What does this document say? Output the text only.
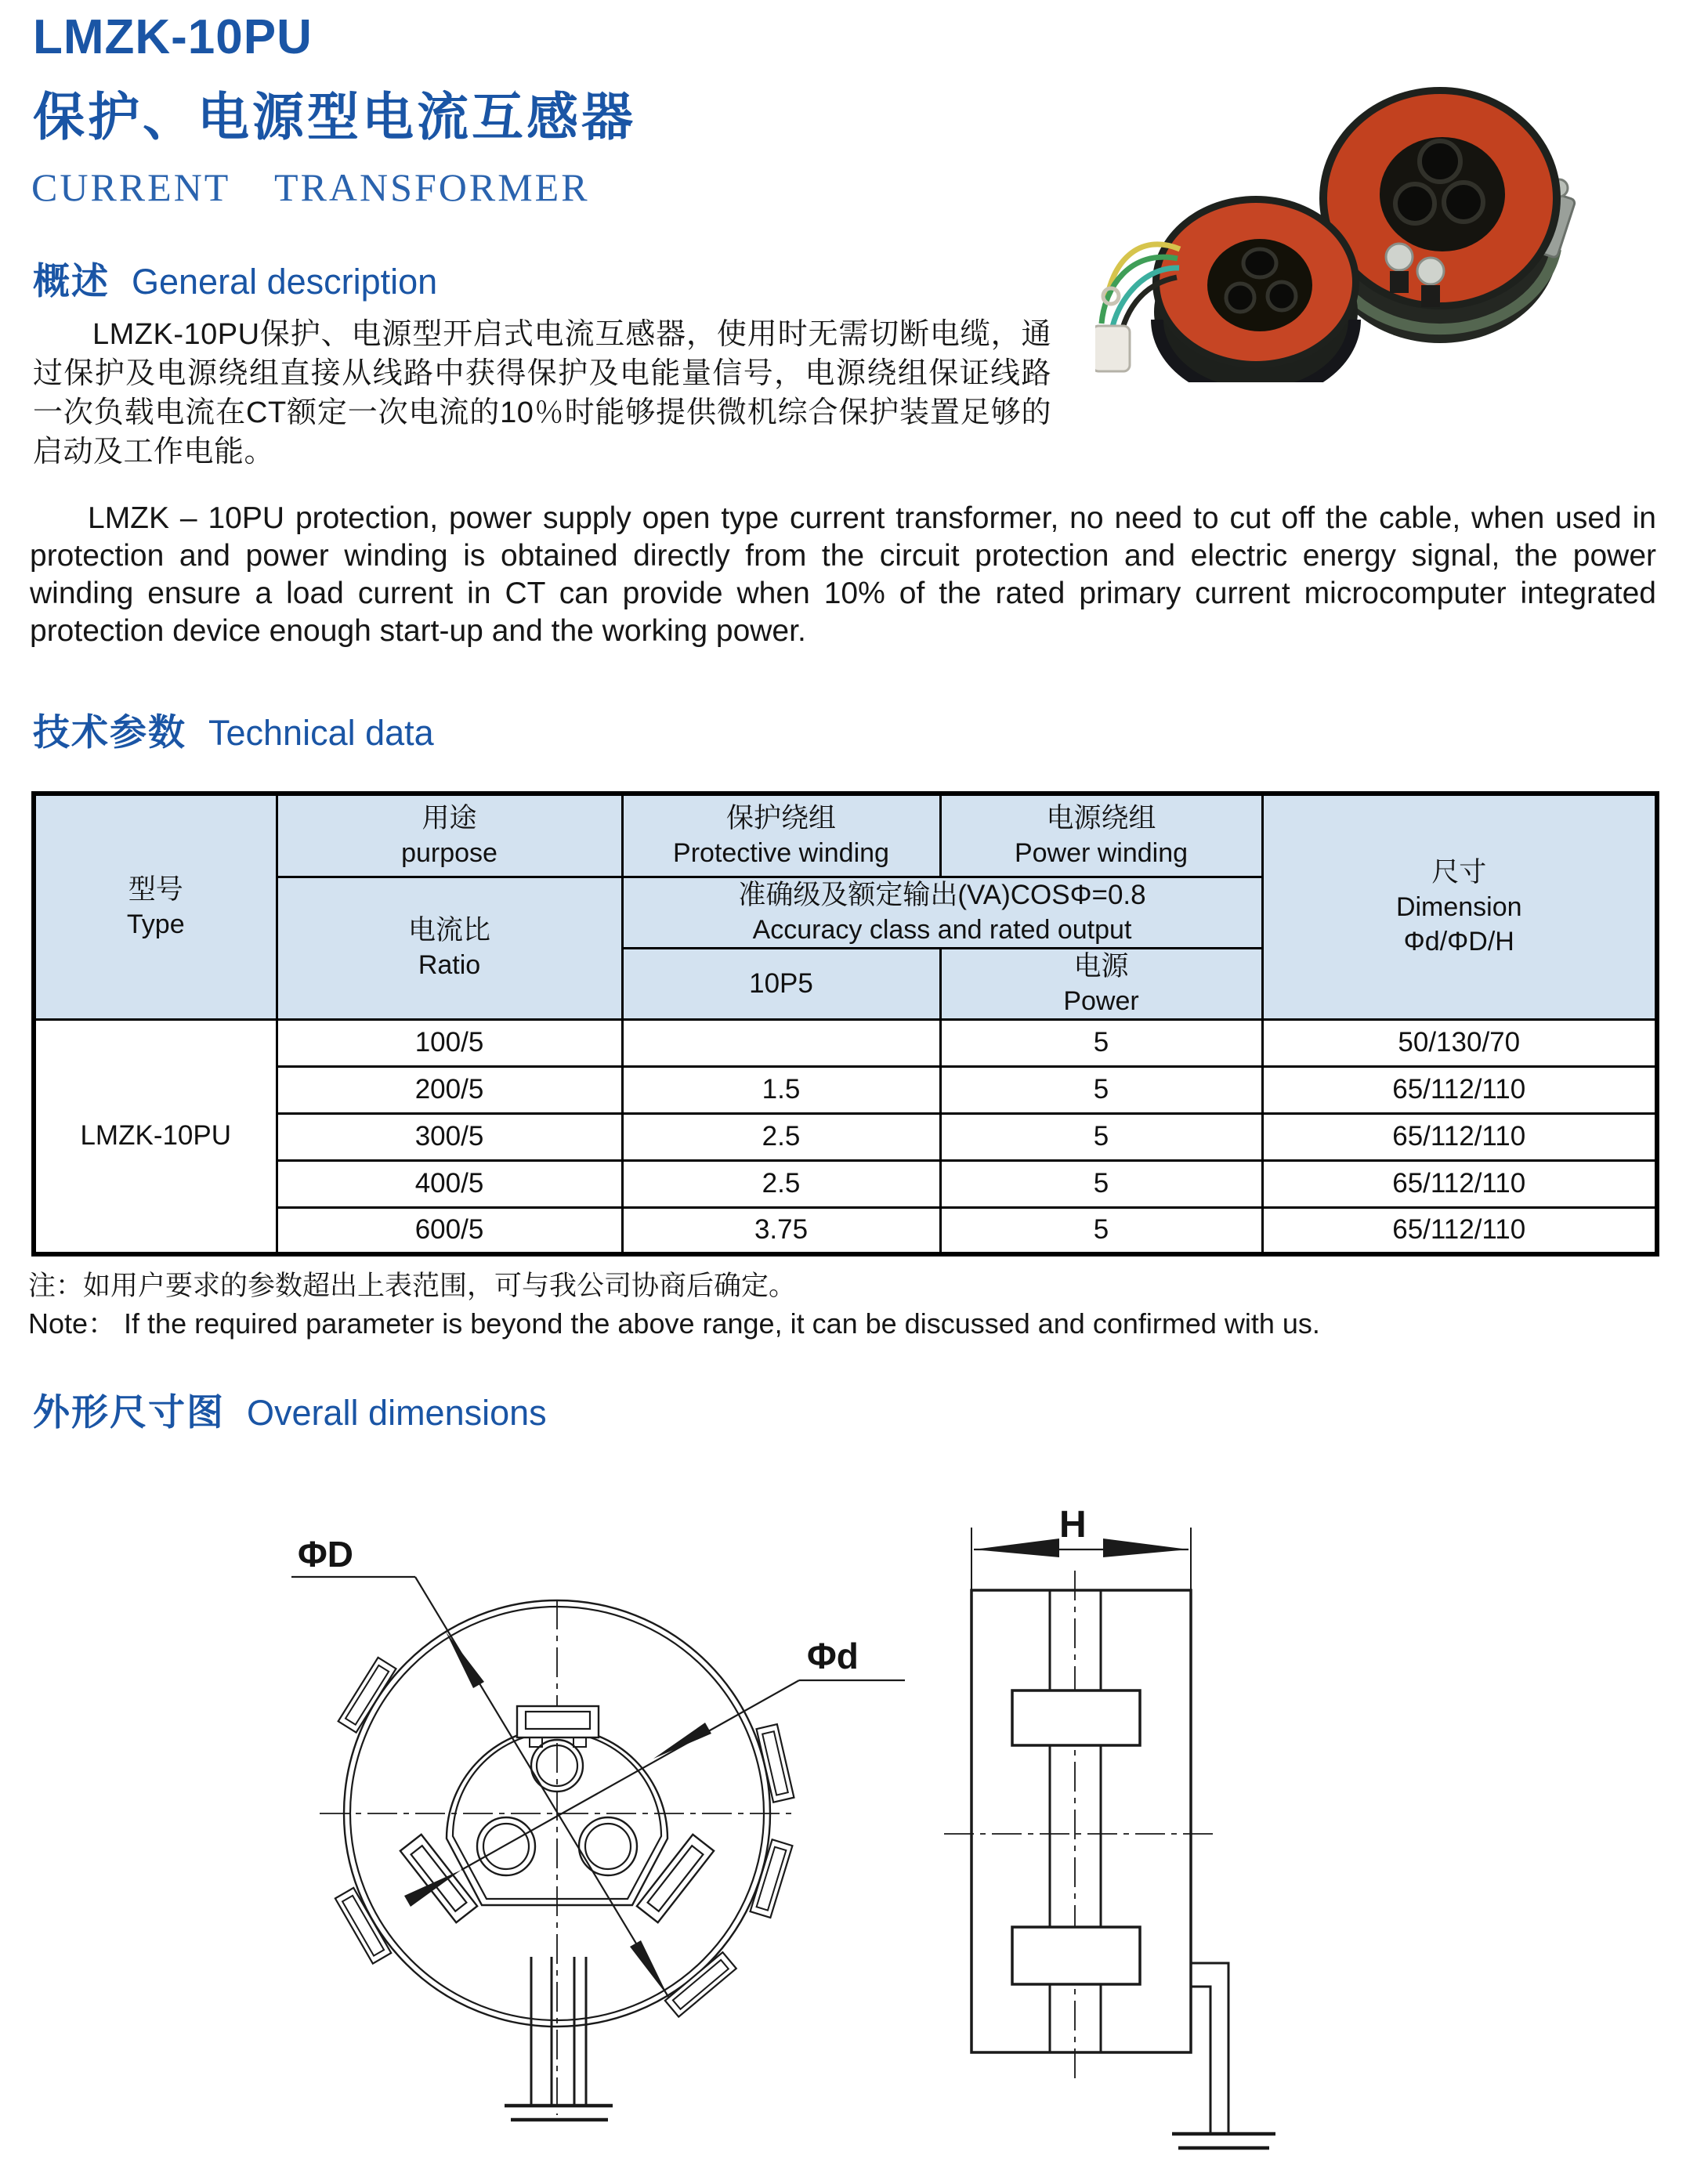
LMZK-10PU
保护、电源型电流互感器
CURRENT TRANSFORMER
概述 General description
LMZK-10PU保护、电源型开启式电流互感器，使用时无需切断电缆，通过保护及电源绕组直接从线路中获得保护及电能量信号，电源绕组保证线路一次负载电流在CT额定一次电流的10％时能够提供微机综合保护装置足够的启动及工作电能。
LMZK – 10PU protection, power supply open type current transformer, no need to cut off the cable, when used in protection and power winding is obtained directly from the circuit protection and electric energy signal, the power winding ensure a load current in CT can provide when 10% of the rated primary current microcomputer integrated protection device enough start-up and the working power.
技术参数 Technical data
型号
Type

用途
purpose

保护绕组
Protective winding

电源绕组
Power winding

尺寸
Dimension
Φd/ΦD/H

电流比
Ratio

准确级及额定输出(VA)COSΦ=0.8
Accuracy class and rated output

		10P5	电源
Power	

LMZK-10PU	100/5		5	50/130/70
	200/5	1.5	5	65/112/110
	300/5	2.5	5	65/112/110
	400/5	2.5	5	65/112/110
	600/5	3.75	5	65/112/110
注：如用户要求的参数超出上表范围，可与我公司协商后确定。
Note： If the required parameter is beyond the above range, it can be discussed and confirmed with us.
外形尺寸图 Overall dimensions
ΦD
Φd
H
